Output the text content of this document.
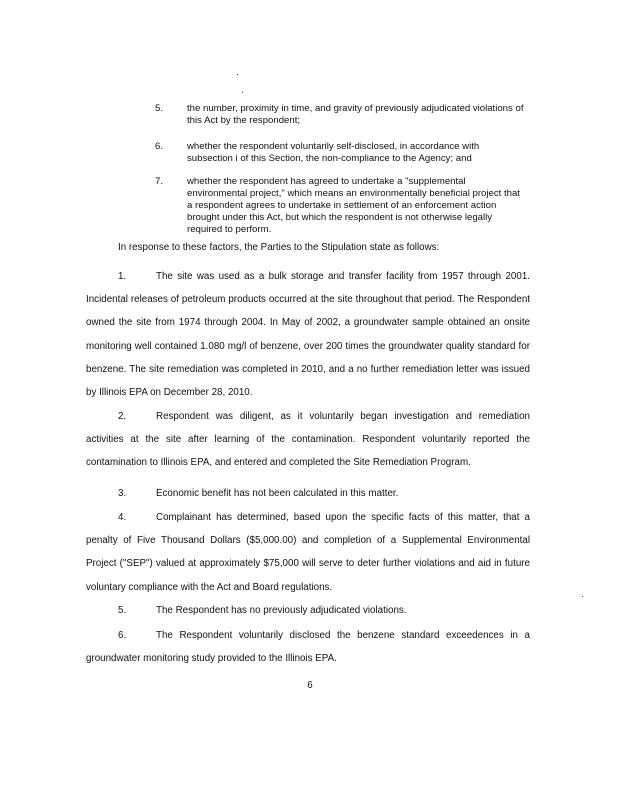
5. the number, proximity in time, and gravity of previously adjudicated violations of this Act by the respondent;
6. whether the respondent voluntarily self-disclosed, in accordance with subsection i of this Section, the non-compliance to the Agency; and
7. whether the respondent has agreed to undertake a "supplemental environmental project," which means an environmentally beneficial project that a respondent agrees to undertake in settlement of an enforcement action brought under this Act, but which the respondent is not otherwise legally required to perform.
In response to these factors, the Parties to the Stipulation state as follows:
1.	The site was used as a bulk storage and transfer facility from 1957 through 2001. Incidental releases of petroleum products occurred at the site throughout that period. The Respondent owned the site from 1974 through 2004. In May of 2002, a groundwater sample obtained an onsite monitoring well contained 1.080 mg/l of benzene, over 200 times the groundwater quality standard for benzene. The site remediation was completed in 2010, and a no further remediation letter was issued by Illinois EPA on December 28, 2010.
2.	Respondent was diligent, as it voluntarily began investigation and remediation activities at the site after learning of the contamination. Respondent voluntarily reported the contamination to Illinois EPA, and entered and completed the Site Remediation Program.
3.	Economic benefit has not been calculated in this matter.
4.	Complainant has determined, based upon the specific facts of this matter, that a penalty of Five Thousand Dollars ($5,000.00) and completion of a Supplemental Environmental Project ("SEP") valued at approximately $75,000 will serve to deter further violations and aid in future voluntary compliance with the Act and Board regulations.
5.	The Respondent has no previously adjudicated violations.
6.	The Respondent voluntarily disclosed the benzene standard exceedences in a groundwater monitoring study provided to the Illinois EPA.
6
